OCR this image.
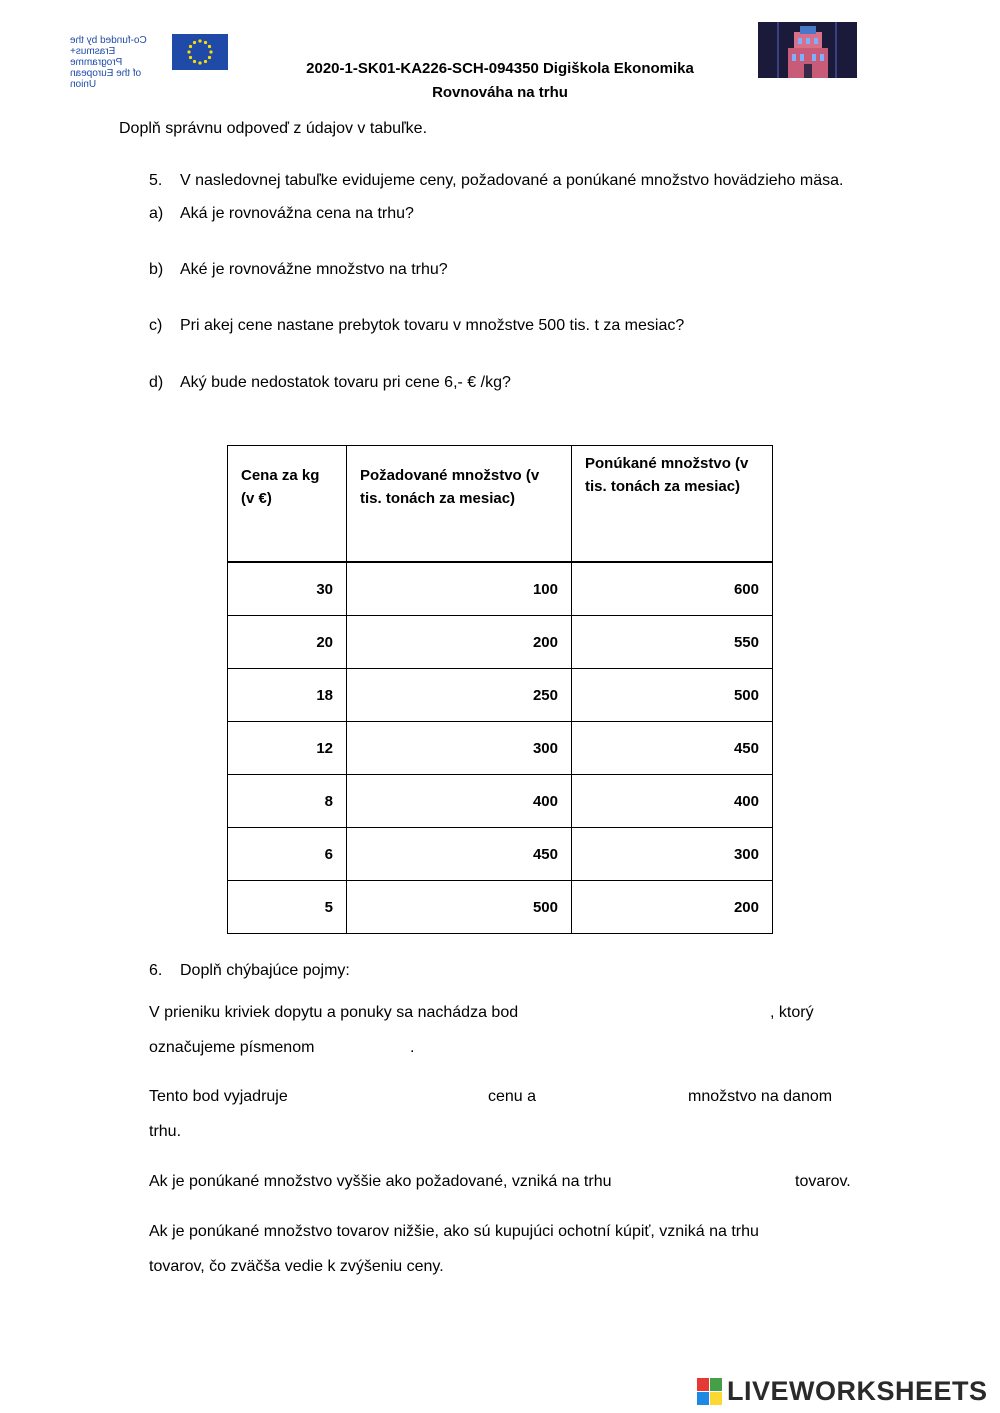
Co-funded by the
Erasmus+ Programme
of the European Union
2020-1-SK01-KA226-SCH-094350 Digiškola Ekonomika
Rovnováha na trhu
Doplň správnu odpoveď z údajov v tabuľke.
5. V nasledovnej tabuľke evidujeme ceny, požadované a ponúkané množstvo hovädzieho mäsa.
a) Aká je rovnovážna cena na trhu?
b) Aké je rovnovážne množstvo na trhu?
c) Pri akej cene nastane prebytok tovaru v množstve 500 tis. t za mesiac?
d) Aký bude nedostatok tovaru pri cene 6,- € /kg?
Cena za kg (v €)	Požadované množstvo (v tis. tonách za mesiac)	Ponúkané množstvo (v tis. tonách za mesiac)
30	100	600
20	200	550
18	250	500
12	300	450
8	400	400
6	450	300
5	500	200
6. Doplň chýbajúce pojmy:
V prieniku kriviek dopytu a ponuky sa nachádza bod	, ktorý
označujeme písmenom	.
Tento bod vyjadruje	cenu a	množstvo na danom
trhu.
Ak je ponúkané množstvo vyššie ako požadované, vzniká na trhu	tovarov.
Ak je ponúkané množstvo tovarov nižšie, ako sú kupujúci ochotní kúpiť, vzniká na trhu
tovarov, čo zväčša vedie k zvýšeniu ceny.
LIVEWORKSHEETS
